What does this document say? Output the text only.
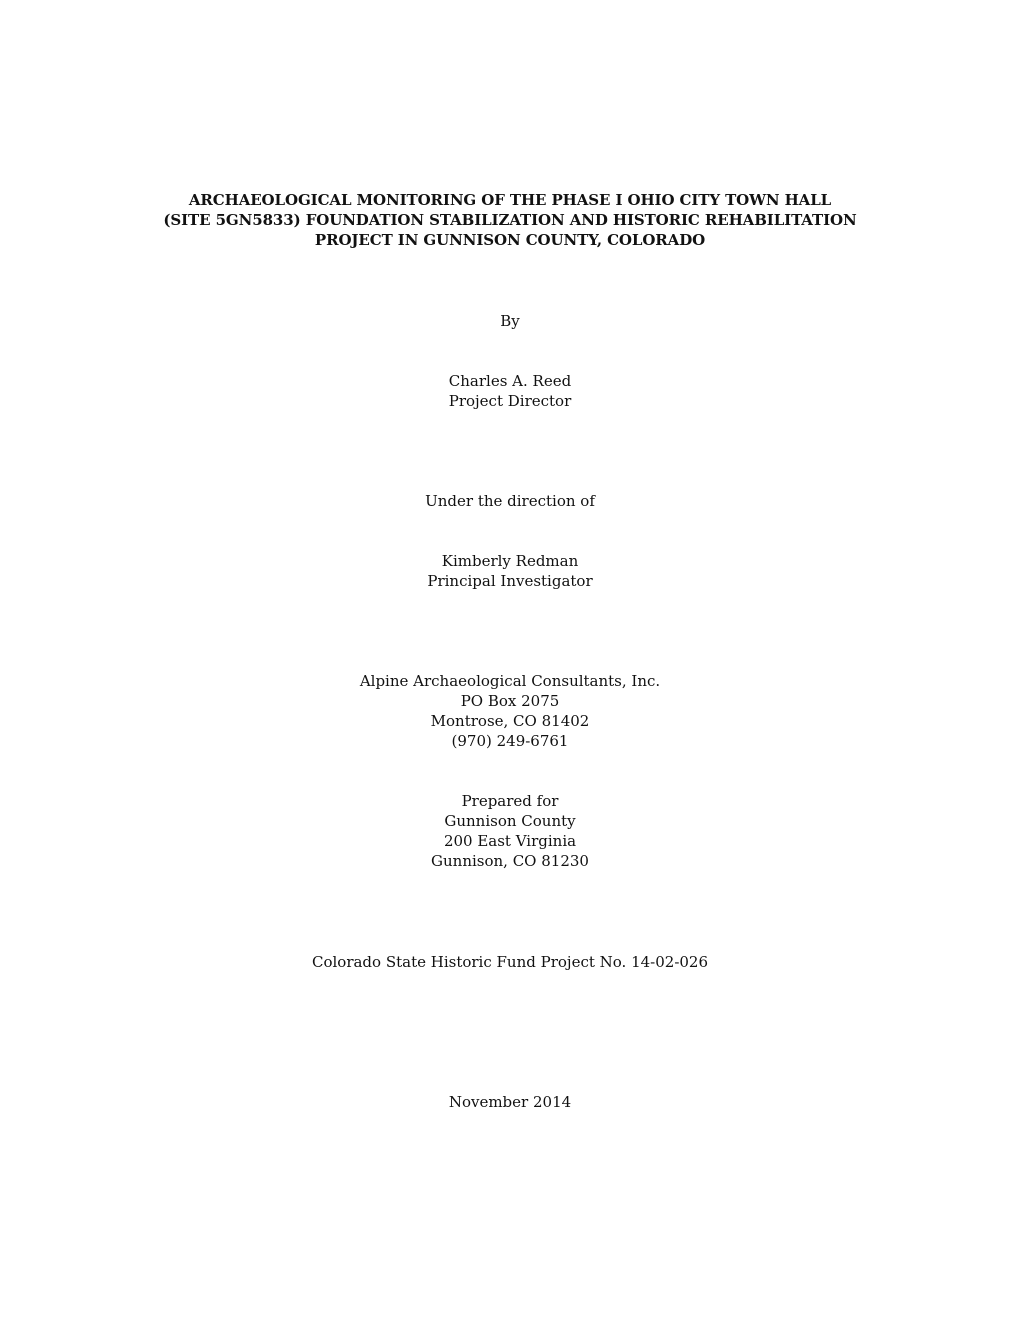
ARCHAEOLOGICAL MONITORING OF THE PHASE I OHIO CITY TOWN HALL
(SITE 5GN5833) FOUNDATION STABILIZATION AND HISTORIC REHABILITATION
PROJECT IN GUNNISON COUNTY, COLORADO
By
Charles A. Reed
Project Director
Under the direction of
Kimberly Redman
Principal Investigator
Alpine Archaeological Consultants, Inc.
PO Box 2075
Montrose, CO 81402
(970) 249-6761
Prepared for
Gunnison County
200 East Virginia
Gunnison, CO 81230
Colorado State Historic Fund Project No. 14-02-026
November 2014
